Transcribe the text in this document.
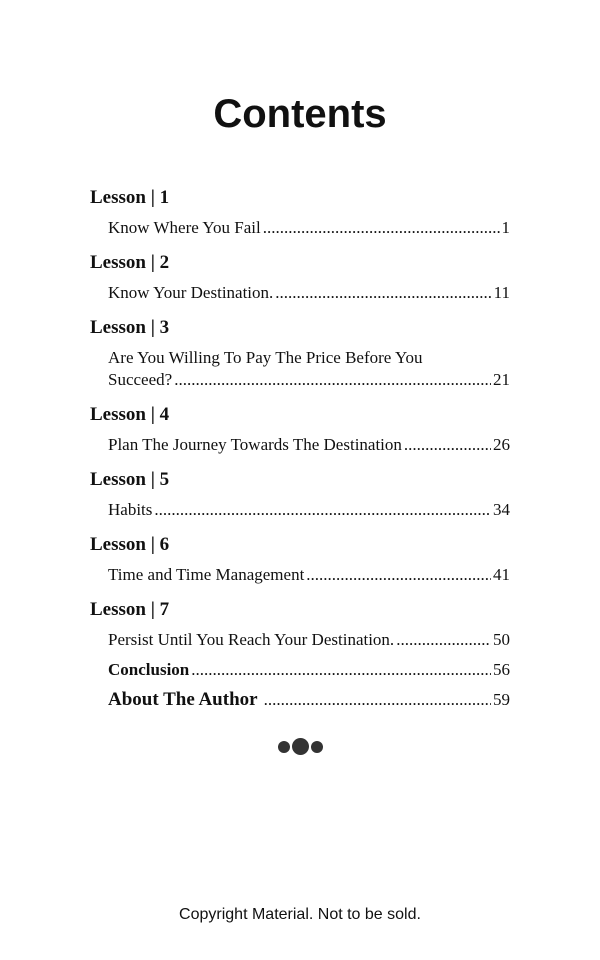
Contents
Lesson | 1
Know Where You Fail .....	1
Lesson | 2
Know Your Destination. .....	11
Lesson | 3
Are You Willing To Pay The Price Before You
Succeed? .....	21
Lesson | 4
Plan The Journey Towards The Destination .....	26
Lesson | 5
Habits .....	34
Lesson | 6
Time and Time Management .....	41
Lesson | 7
Persist Until You Reach Your Destination. .....	50
Conclusion .....	56
About The Author .....	59
Copyright Material. Not to be sold.
